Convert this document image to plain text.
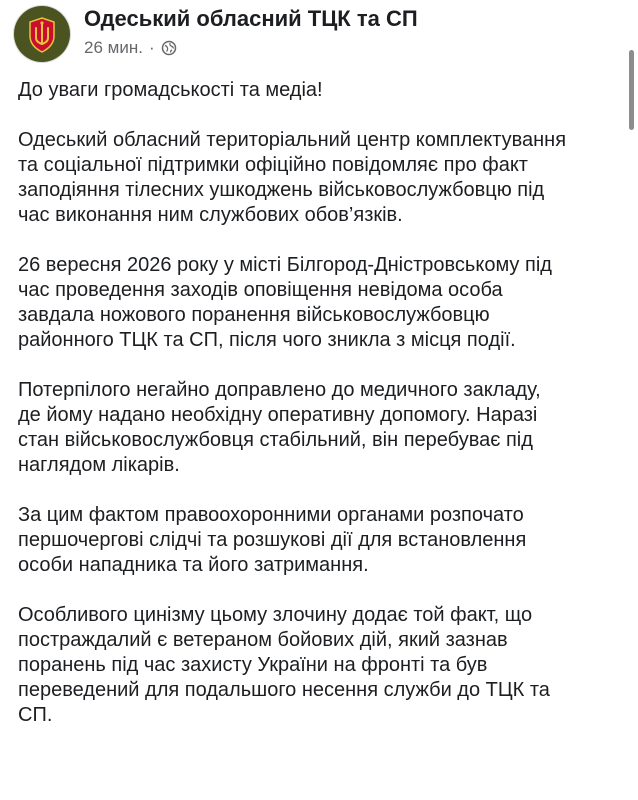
Одеський обласний ТЦК та СП
26 мин. ·

До уваги громадськості та медіа!

Одеський обласний територіальний центр комплектування
та соціальної підтримки офіційно повідомляє про факт
заподіяння тілесних ушкоджень військовослужбовцю під
час виконання ним службових обов’язків.

26 вересня 2026 року у місті Білгород-Дністровському під
час проведення заходів оповіщення невідома особа
завдала ножового поранення військовослужбовцю
районного ТЦК та СП, після чого зникла з місця події.

Потерпілого негайно доправлено до медичного закладу,
де йому надано необхідну оперативну допомогу. Наразі
стан військовослужбовця стабільний, він перебуває під
наглядом лікарів.

За цим фактом правоохоронними органами розпочато
першочергові слідчі та розшукові дії для встановлення
особи нападника та його затримання.

Особливого цинізму цьому злочину додає той факт, що
постраждалий є ветераном бойових дій, який зазнав
поранень під час захисту України на фронті та був
переведений для подальшого несення служби до ТЦК та
СП.
